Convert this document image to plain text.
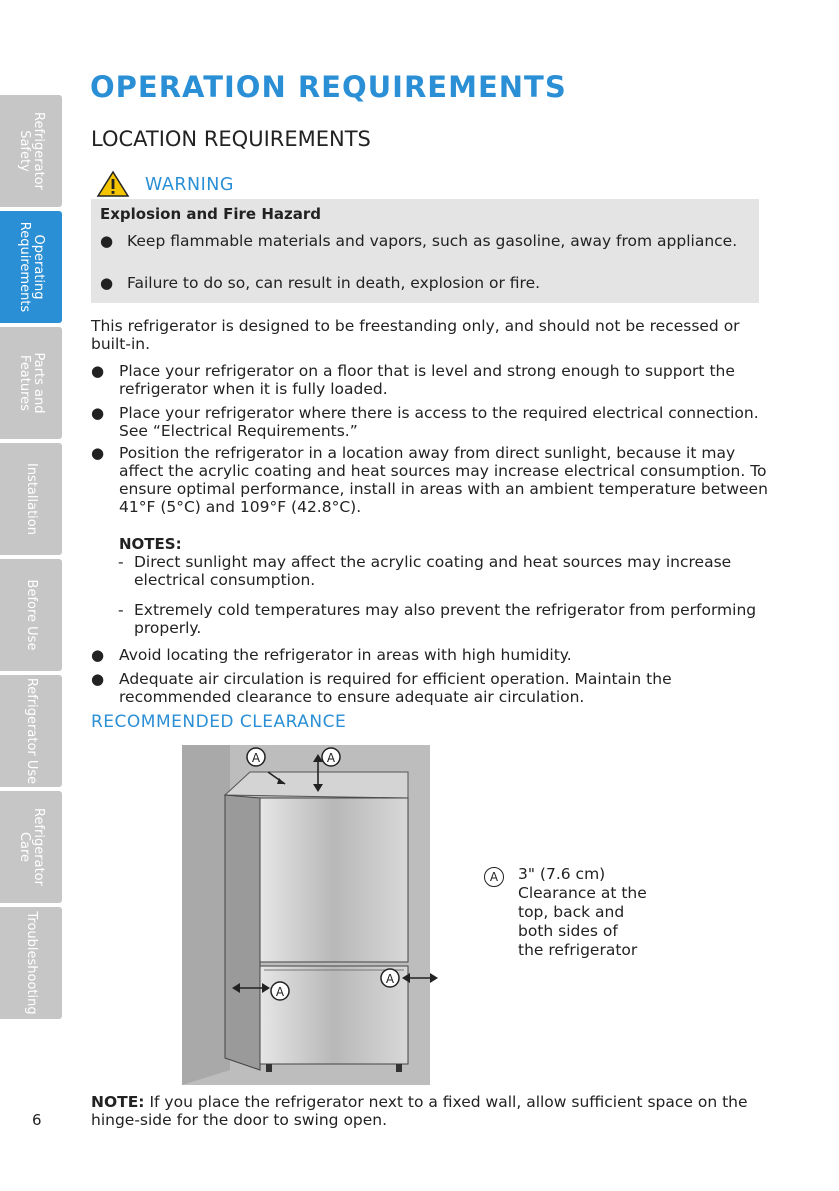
Refrigerator Safety
Operating Requirements
Parts and Features
Installation
Before Use
Refrigerator Use
Refrigerator Care
Troubleshooting
6
OPERATION REQUIREMENTS
LOCATION REQUIREMENTS
WARNING
Explosion and Fire Hazard
● Keep flammable materials and vapors, such as gasoline, away from appliance.
● Failure to do so, can result in death, explosion or fire.
This refrigerator is designed to be freestanding only, and should not be recessed or built-in.
● Place your refrigerator on a floor that is level and strong enough to support the refrigerator when it is fully loaded.
● Place your refrigerator where there is access to the required electrical connection. See “Electrical Requirements.”
● Position the refrigerator in a location away from direct sunlight, because it may affect the acrylic coating and heat sources may increase electrical consumption. To ensure optimal performance, install in areas with an ambient temperature between 41°F (5°C) and 109°F (42.8°C).
NOTES:
- Direct sunlight may affect the acrylic coating and heat sources may increase electrical consumption.
- Extremely cold temperatures may also prevent the refrigerator from performing properly.
● Avoid locating the refrigerator in areas with high humidity.
● Adequate air circulation is required for efficient operation. Maintain the recommended clearance to ensure adequate air circulation.
RECOMMENDED CLEARANCE
A	A
A
A
A	3" (7.6 cm)
Clearance at the
top, back and
both sides of
the refrigerator
NOTE: If you place the refrigerator next to a fixed wall, allow sufficient space on the hinge-side for the door to swing open.
